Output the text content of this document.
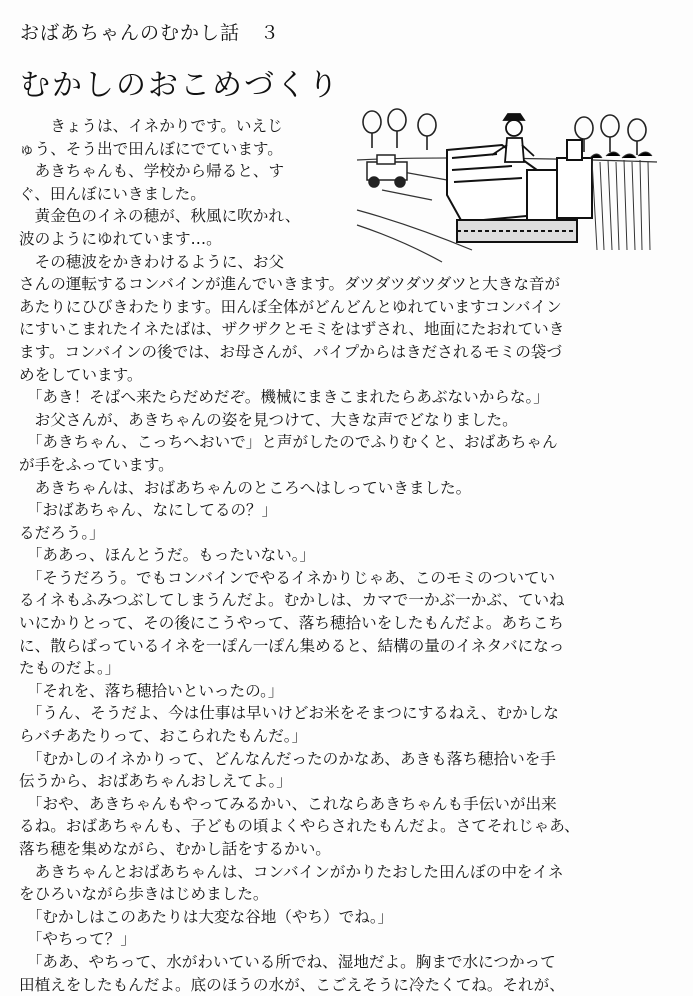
おばあちゃんのむかし話　３
むかしのおこめづくり
　　きょうは、イネかりです。いえじ
ゅう、そう出で田んぼにでています。
　あきちゃんも、学校から帰ると、す
ぐ、田んぼにいきました。
　黄金色のイネの穂が、秋風に吹かれ、
波のようにゆれています…。
　その穂波をかきわけるように、お父
さんの運転するコンバインが進んでいきます。ダツダツダツダツと大きな音が
あたりにひびきわたります。田んぼ全体がどんどんとゆれていますコンバイン
にすいこまれたイネたばは、ザクザクとモミをはずされ、地面にたおれていき
ます。コンバインの後では、お母さんが、パイプからはきだされるモミの袋づ
めをしています。
　「あき！そばへ来たらだめだぞ。機械にまきこまれたらあぶないからな。」
　お父さんが、あきちゃんの姿を見つけて、大きな声でどなりました。
　「あきちゃん、こっちへおいで」と声がしたのでふりむくと、おばあちゃん
が手をふっています。
　あきちゃんは、おばあちゃんのところへはしっていきました。
　「おばあちゃん、なにしてるの？」
るだろう。」
　「ああっ、ほんとうだ。もったいない。」
　「そうだろう。でもコンバインでやるイネかりじゃあ、このモミのついてい
るイネもふみつぶしてしまうんだよ。むかしは、カマで一かぶ一かぶ、ていね
いにかりとって、その後にこうやって、落ち穂拾いをしたもんだよ。あちこち
に、散らばっているイネを一ぽん一ぽん集めると、結構の量のイネタバになっ
たものだよ。」
　「それを、落ち穂拾いといったの。」
　「うん、そうだよ、今は仕事は早いけどお米をそまつにするねえ、むかしな
らバチあたりって、おこられたもんだ。」
　「むかしのイネかりって、どんなんだったのかなあ、あきも落ち穂拾いを手
伝うから、おばあちゃんおしえてよ。」
　「おや、あきちゃんもやってみるかい、これならあきちゃんも手伝いが出来
るね。おばあちゃんも、子どもの頃よくやらされたもんだよ。さてそれじゃあ、
落ち穂を集めながら、むかし話をするかい。
　あきちゃんとおばあちゃんは、コンバインがかりたおした田んぼの中をイネ
をひろいながら歩きはじめました。
　「むかしはこのあたりは大変な谷地（やち）でね。」
　「やちって？」
　「ああ、やちって、水がわいている所でね、湿地だよ。胸まで水につかって
田植えをしたもんだよ。底のほうの水が、こごえそうに冷たくてね。それが、
